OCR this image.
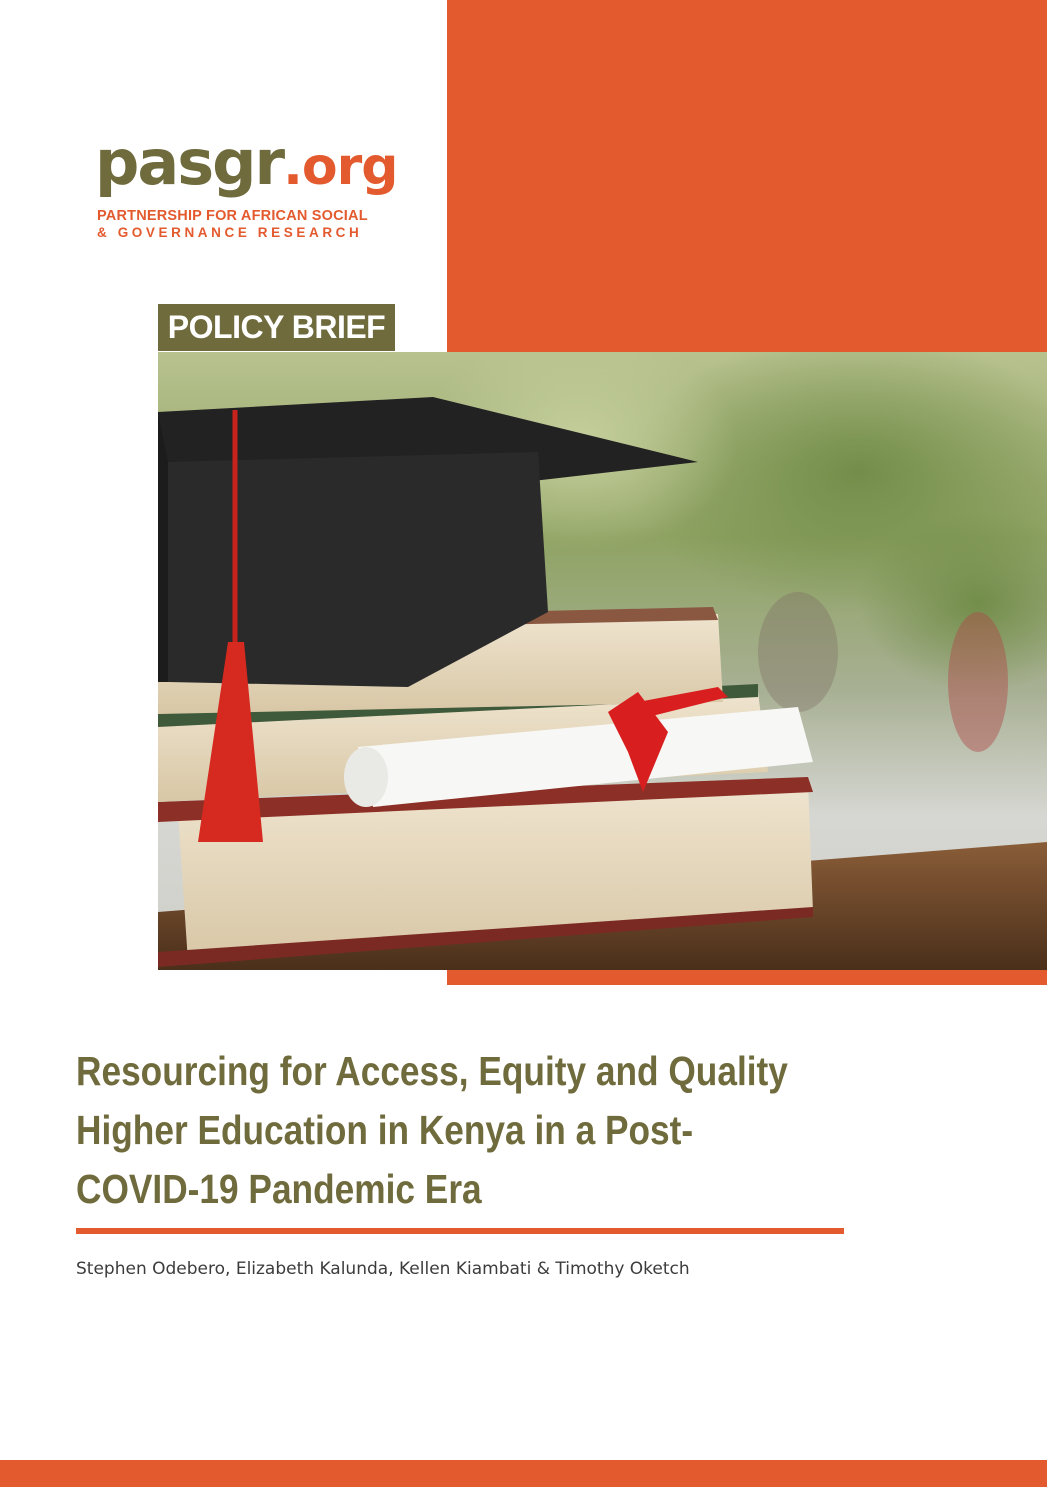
pasgr.org
PARTNERSHIP FOR AFRICAN SOCIAL
& GOVERNANCE RESEARCH
POLICY BRIEF
Resourcing for Access, Equity and Quality
Higher Education in Kenya in a Post-
COVID-19 Pandemic Era
Stephen Odebero, Elizabeth Kalunda, Kellen Kiambati & Timothy Oketch
